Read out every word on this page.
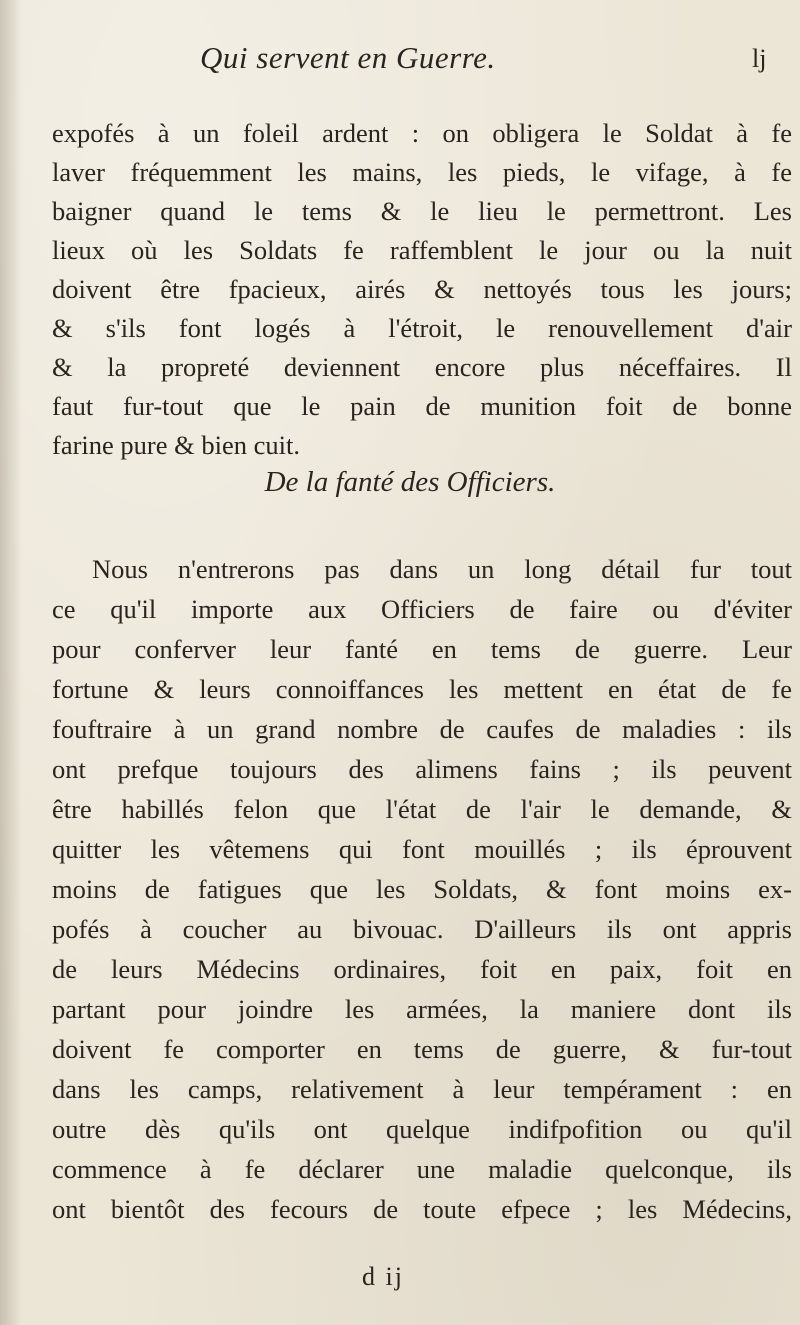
Qui servent en Guerre.	lj
expofés à un foleil ardent : on obligera le Soldat à fe
laver fréquemment les mains, les pieds, le vifage, à fe
baigner quand le tems & le lieu le permettront. Les
lieux où les Soldats fe raffemblent le jour ou la nuit
doivent être fpacieux, airés & nettoyés tous les jours;
& s'ils font logés à l'étroit, le renouvellement d'air
& la propreté deviennent encore plus néceffaires. Il
faut fur-tout que le pain de munition foit de bonne
farine pure & bien cuit.
De la fanté des Officiers.
Nous n'entrerons pas dans un long détail fur tout
ce qu'il importe aux Officiers de faire ou d'éviter
pour conferver leur fanté en tems de guerre. Leur
fortune & leurs connoiffances les mettent en état de fe
fouftraire à un grand nombre de caufes de maladies : ils
ont prefque toujours des alimens fains ; ils peuvent
être habillés felon que l'état de l'air le demande, &
quitter les vêtemens qui font mouillés ; ils éprouvent
moins de fatigues que les Soldats, & font moins ex-
pofés à coucher au bivouac. D'ailleurs ils ont appris
de leurs Médecins ordinaires, foit en paix, foit en
partant pour joindre les armées, la maniere dont ils
doivent fe comporter en tems de guerre, & fur-tout
dans les camps, relativement à leur tempérament : en
outre dès qu'ils ont quelque indifpofition ou qu'il
commence à fe déclarer une maladie quelconque, ils
ont bientôt des fecours de toute efpece ; les Médecins,
d ij
